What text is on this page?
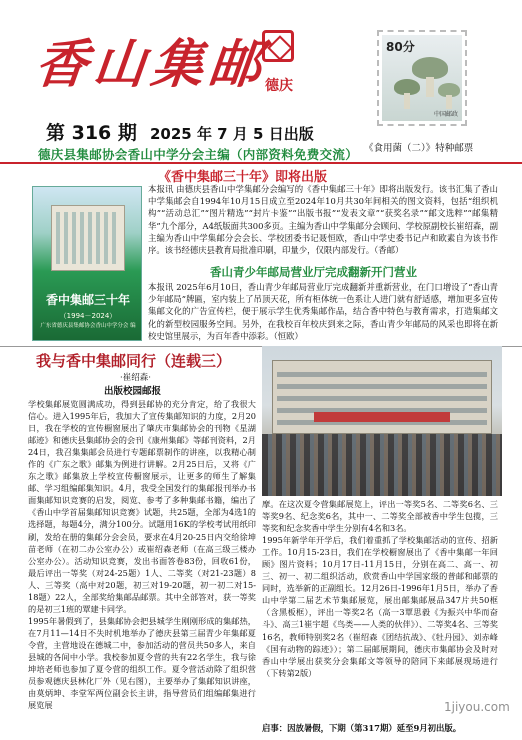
香山集邮
德庆
第 316 期 2025 年 7 月 5 日出版
80分
中国邮政
《食用菌（二）》特种邮票
德庆县集邮协会香山中学分会主编（内部资料免费交流）
香中集邮三十年
（1994－2024）
广东省德庆县集邮协会香山中学分会 编
《香中集邮三十年》即将出版
本报讯 由德庆县香山中学集邮分会编写的《香中集邮三十年》即将出版发行。该书汇集了香山中学集邮会自1994年10月15日成立至2024年10月共30年间相关的图文资料，包括“组织机构”“活动总汇”“图片精选”“封片卡鉴”“出版书报”“发表文章”“获奖名录”“邮文选粹”“邮集精华”九个部分，A4纸版面共300多页。主编为香山中学集邮分会顾问、学校原副校长崔绍森，副主编为香山中学集邮分会会长、学校团委书记聂恒欧，香山中学史委书记卢和欧素自为该书作序。该书经德庆县教育局批准印刷，印量少，仅限内部发行。（香邮）
香山青少年邮局营业厅完成翻新开门营业
本报讯 2025年6月10日，香山青少年邮局营业厅完成翻新并重新营业，在门口增设了“香山青少年邮局”牌匾，室内装上了吊顶天花，所有柜体统一色系让人进门就有舒适感，增加更多宣传集邮文化的广告宣传栏，便于展示学生优秀集邮作品，结合香中特色与教育需求，打造集邮文化的新型校园服务空间。另外，在我校百年校庆到来之际，香山青少年邮局的风采也即将在新校史馆里展示，为百年香中添彩。（恒欧）
我与香中集邮同行（连载三）
·崔绍森·
出版校园邮报
学校集邮展览圆满成功，得到县邮协的充分肯定，给了我很大信心。进入1995年后，我加大了宣传集邮知识的力度，2月20日，我在学校的宣传橱窗展出了肇庆市集邮协会的刊物《星湖邮迹》和德庆县集邮协会的会刊《康州集邮》等邮刊资料，2月24日，我召集集邮会员进行专题邮票制作的讲座，以我精心制作的《广东之歌》邮集为例进行讲解。2月25日后，又将《广东之歌》邮集放上学校宣传橱窗展示，让更多的师生了解集邮、学习组编邮集知识。4月，我受全国发行的集邮报刊举办书面集邮知识竞赛的启发，阅览、参考了多种集邮书籍，编出了《香山中学首届集邮知识竞赛》试题，共25题，全部为4选1的选择题，每题4分，满分100分。试题用16K的学校考试用纸印刷，发给在册的集邮分会会员，要求在4月20-25日内交给徐坤苗老师（在初二办公室办公）或崔绍森老师（在高三级三楼办公室办公）。活动知识竞赛，发出书面答卷83份，回收61份，最后评出一等奖（对24-25题）1人、二等奖（对21-23题）8人、三等奖（高中对20题，初三对19-20题，初一初二对15-18题）22人，全部奖给集邮品邮票。其中全部答对，获一等奖的是初三1班的覃建卡同学。
1995年暑假到了，县集邮协会把县城学生刚刚形成的集邮热，在7月11—14日不失时机地举办了德庆县第三届青少年集邮夏令营，主营地设在德城二中，参加活动的营员共50多人，来自县城的各间中小学。我校参加夏令营的共有22名学生，我与徐坤培老师也参加了夏令营的组织工作。夏令营活动除了组织营员参观德庆县林化厂外（见右图），主要举办了集邮知识讲座，由莫炳坤、李堂军两位副会长主讲，指导营员们组编邮集进行展览展
摩。在这次夏令营集邮展览上，评出一等奖5名、二等奖6名、三等奖9名、纪念奖6名，其中一、二等奖全部被香中学生包揽，三等奖和纪念奖香中学生分别有4名和3名。
1995年新学年开学后，我们着重抓了学校集邮活动的宣传、招新工作。10月15-23日，我们在学校橱窗展出了《香中集邮一年回顾》图片资料；10月17日-11月15日，分别在高二、高一、初三、初一、初二组织活动，欣赏香山中学国家级的普邮和邮票的同时，选举新的正副组长。12月26日-1996年1月5日，举办了香山中学第二届艺术节集邮展览，展出邮集邮展品347片共50框（含黑板框），评出一等奖2名（高一3覃思毅《为振兴中华而奋斗》、高三1崔宇超《鸟类——人类的伙伴》）、二等奖4名、三等奖16名，教师特别奖2名（崔绍森《团结抗战》、《牡丹园》、刘赤峰《国有动物的踪迹》）；第二届邮展期间，德庆市集邮协会及时对香山中学展出获奖分会集邮文等领导的陪同下来邮展现场进行（下转第2版）
启事：因放暑假，下期（第317期）延至9月初出版。
1jiyou.com
